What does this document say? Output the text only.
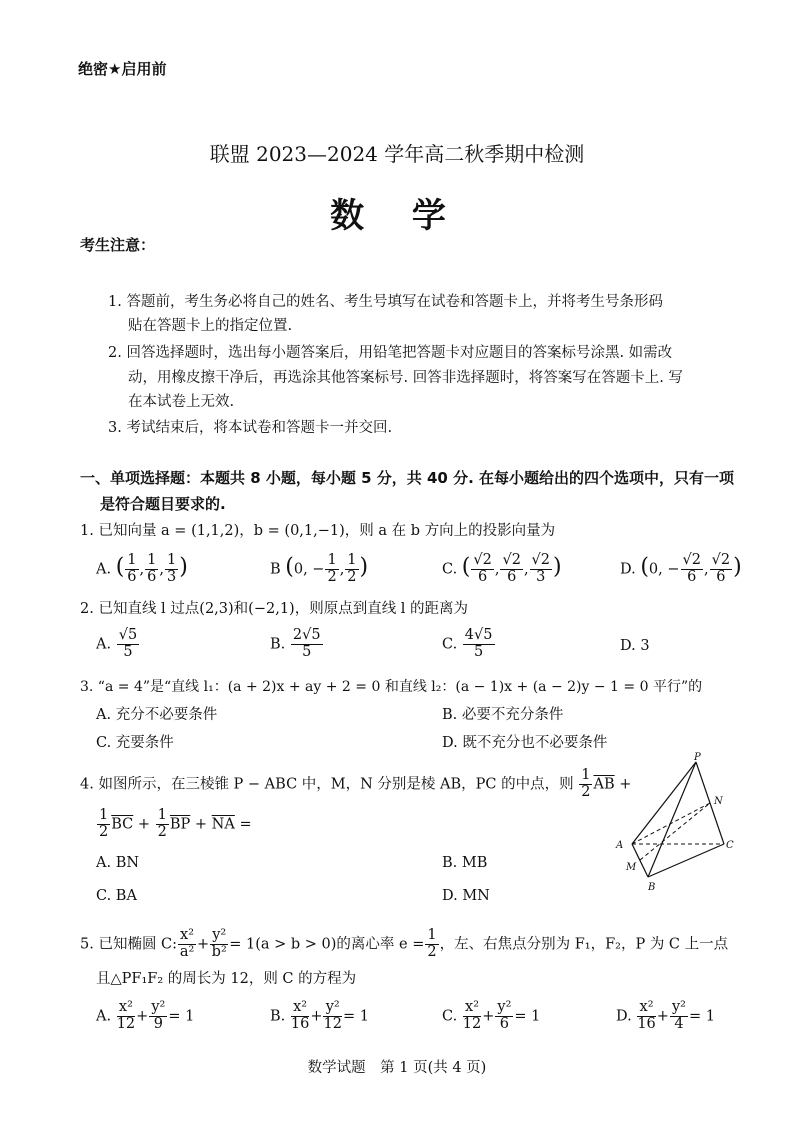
绝密★启用前
联盟 2023—2024 学年高二秋季期中检测
数 学
考生注意：
1. 答题前，考生务必将自己的姓名、考生号填写在试卷和答题卡上，并将考生号条形码
贴在答题卡上的指定位置.
2. 回答选择题时，选出每小题答案后，用铅笔把答题卡对应题目的答案标号涂黑. 如需改
动，用橡皮擦干净后，再选涂其他答案标号. 回答非选择题时，将答案写在答题卡上. 写
在本试卷上无效.
3. 考试结束后，将本试卷和答题卡一并交回.
一、单项选择题：本题共 8 小题，每小题 5 分，共 40 分. 在每小题给出的四个选项中，只有一项
是符合题目要求的.
1. 已知向量 a = (1,1,2)，b = (0,1,−1)，则 a 在 b 方向上的投影向量为
A. ( $\frac{1}{6}$ , $\frac{1}{6}$ , $\frac{1}{3}$ )	B (0, − $\frac{1}{2}$ , $\frac{1}{2}$ )	C. ( $\frac{√2}{6}$ , $\frac{√2}{6}$ , $\frac{√2}{3}$ )	D. (0, − $\frac{√2}{6}$ , $\frac{√2}{6}$ )
2. 已知直线 l 过点(2,3)和(−2,1)，则原点到直线 l 的距离为
A. $\frac{√5}{5}$	B. $\frac{2√5}{5}$	C. $\frac{4√5}{5}$	D. 3
3. “a = 4”是“直线 l₁：(a + 2)x + ay + 2 = 0 和直线 l₂：(a − 1)x + (a − 2)y − 1 = 0 平行”的
A. 充分不必要条件	B. 必要不充分条件
C. 充要条件	D. 既不充分也不必要条件
4. 如图所示，在三棱锥 P − ABC 中，M，N 分别是棱 AB，PC 的中点，则 $\frac{1}{2} \overline{AB}$ +
$\frac{1}{2} \overline{BC} + \frac{1}{2} \overline{BP} + \overline{NA}$ =
A. BN	B. MB
C. BA	D. MN
P
N
A	C
M
B
5. 已知椭圆 C: $\frac{\text{x²}}{\text{a²}} + \frac{\text{y²}}{\text{b²}} = 1(a > b > 0)$的离心率 $e = \frac{1}{2}$ ，左、右焦点分别为 F₁，F₂，P 为 C 上一点
且△PF₁F₂ 的周长为 12，则 C 的方程为
A. $\frac{\text{x²}}{12} + \frac{\text{y²}}{9} = 1$	B. $\frac{\text{x²}}{16} + \frac{\text{y²}}{12} = 1$	C. $\frac{\text{x²}}{12} + \frac{\text{y²}}{6} = 1$	D. $\frac{\text{x²}}{16} + \frac{\text{y²}}{4} = 1$
数学试题　第 1 页(共 4 页)
